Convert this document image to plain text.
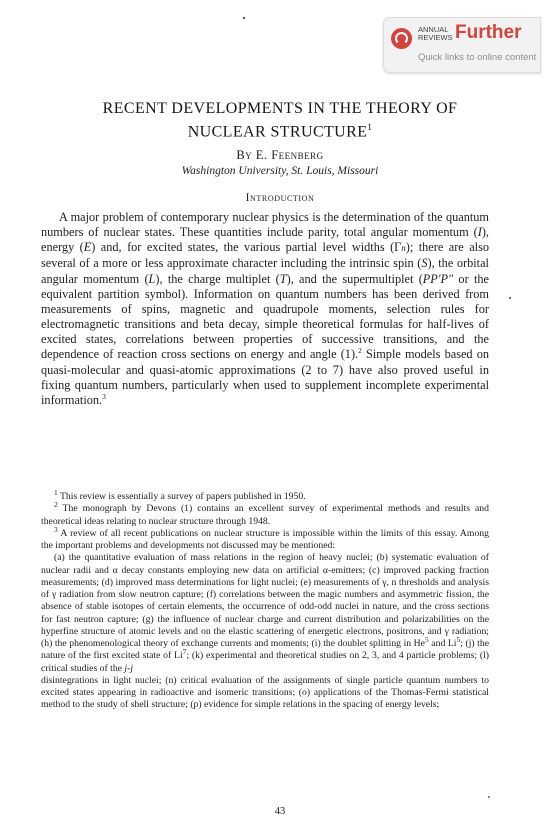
ANNUAL
REVIEWS Further
Quick links to online content
RECENT DEVELOPMENTS IN THE THEORY OF
NUCLEAR STRUCTURE$^1$
By E. Feenberg
Washington University, St. Louis, Missouri
Introduction

A major problem of contemporary nuclear physics is the determination of the quantum numbers of nuclear states. These quantities include parity, total angular momentum (I), energy (E) and, for excited states, the various partial level widths (Γn); there are also several of a more or less approximate character including the intrinsic spin (S), the orbital angular momentum (L), the charge multiplet (T), and the supermultiplet (PP′P″ or the equivalent partition symbol). Information on quantum numbers has been derived from measurements of spins, magnetic and quadrupole moments, selection rules for electromagnetic transitions and beta decay, simple theoretical formulas for half-lives of excited states, correlations between properties of successive transitions, and the dependence of reaction cross sections on energy and angle (1).$^2$ Simple models based on quasi-molecular and quasi-atomic approximations (2 to 7) have also proved useful in fixing quantum numbers, particularly when used to supplement incomplete experimental information.$^3$

$^1$ This review is essentially a survey of papers published in 1950.

$^2$ The monograph by Devons (1) contains an excellent survey of experimental methods and results and theoretical ideas relating to nuclear structure through 1948.

$^3$ A review of all recent publications on nuclear structure is impossible within the limits of this essay. Among the important problems and developments not discussed may be mentioned:

(a) the quantitative evaluation of mass relations in the region of heavy nuclei; (b) systematic evaluation of nuclear radii and α decay constants employing new data on artificial α-emitters; (c) improved packing fraction measurements; (d) improved mass determinations for light nuclei; (e) measurements of γ, n thresholds and analysis of γ radiation from slow neutron capture; (f) correlations between the magic numbers and asymmetric fission, the absence of stable isotopes of certain elements, the occurrence of odd-odd nuclei in nature, and the cross sections for fast neutron capture; (g) the influence of nuclear charge and current distribution and polarizabilities on the hyperfine structure of atomic levels and on the elastic scattering of energetic electrons, positrons, and γ radiation; (h) the phenomenological theory of exchange currents and moments; (i) the doublet splitting in He$^5$ and Li$^5$; (j) the nature of the first excited state of Li$^7$; (k) experimental and theoretical studies on 2, 3, and 4 particle problems; (l) critical studies of the j-j

disintegrations in light nuclei; (n) critical evaluation of the assignments of single particle quantum numbers to excited states appearing in radioactive and isomeric transitions; (o) applications of the Thomas-Fermi statistical method to the study of shell structure; (p) evidence for simple relations in the spacing of energy levels;

43
